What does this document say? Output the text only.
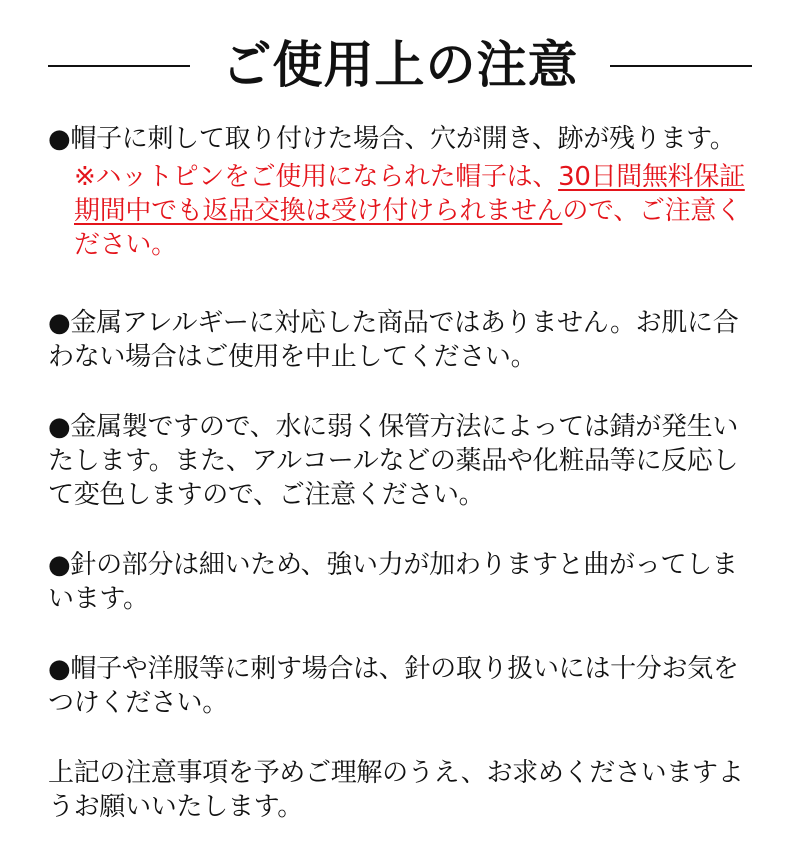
ご使用上の注意

●帽子に刺して取り付けた場合、穴が開き、跡が残ります。

※ハットピンをご使用になられた帽子は、30日間無料保証期間中でも返品交換は受け付けられませんので、ご注意ください。

●金属アレルギーに対応した商品ではありません。お肌に合わない場合はご使用を中止してください。

●金属製ですので、水に弱く保管方法によっては錆が発生いたします。また、アルコールなどの薬品や化粧品等に反応して変色しますので、ご注意ください。

●針の部分は細いため、強い力が加わりますと曲がってしまいます。

●帽子や洋服等に刺す場合は、針の取り扱いには十分お気をつけください。

上記の注意事項を予めご理解のうえ、お求めくださいますようお願いいたします。
